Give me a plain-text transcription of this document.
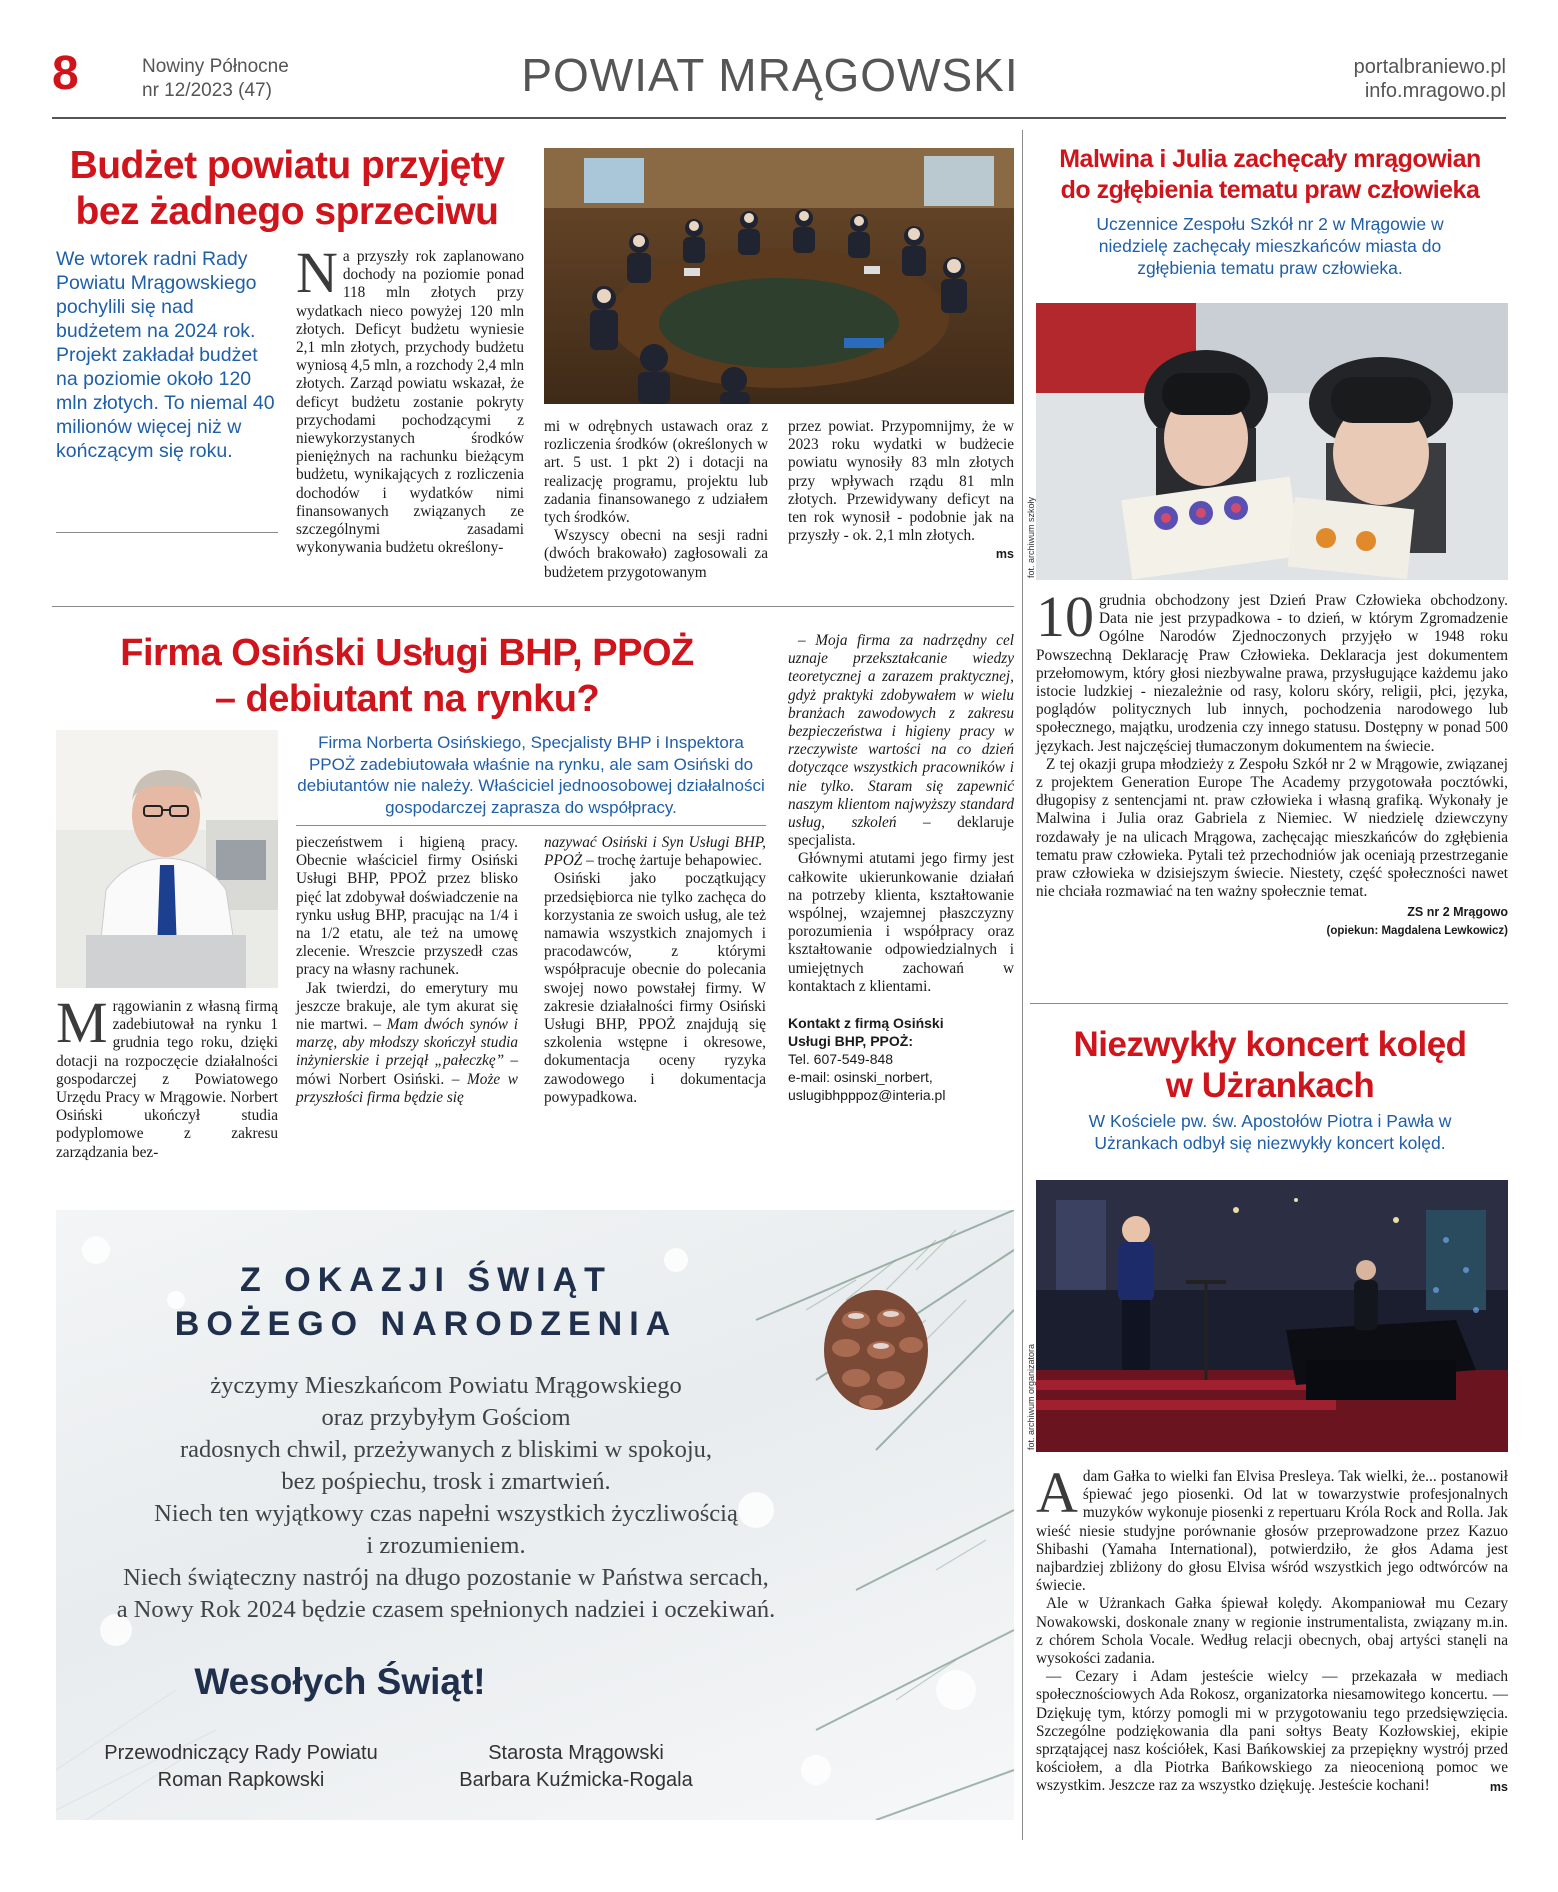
8	Nowiny Północne
nr 12/2023 (47)	POWIAT MRĄGOWSKI	portalbraniewo.pl
info.mragowo.pl
Budżet powiatu przyjęty
bez żadnego sprzeciwu
We wtorek radni Rady Powiatu Mrągowskiego pochylili się nad budżetem na 2024 rok. Projekt zakładał budżet na poziomie około 120 mln złotych. To niemal 40 milionów więcej niż w kończącym się roku.
Na przyszły rok zaplanowano dochody na poziomie ponad 118 mln złotych przy wydatkach nieco powyżej 120 mln złotych. Deficyt budżetu wyniesie 2,1 mln złotych, przychody budżetu wyniosą 4,5 mln, a rozchody 2,4 mln złotych. Zarząd powiatu wskazał, że deficyt budżetu zostanie pokryty przychodami pochodzącymi z niewykorzystanych środków pieniężnych na rachunku bieżącym budżetu, wynikających z rozliczenia dochodów i wydatków nimi finansowanych związanych ze szczególnymi zasadami wykonywania budżetu określony-

mi w odrębnych ustawach oraz z rozliczenia środków (określonych w art. 5 ust. 1 pkt 2) i dotacji na realizację programu, projektu lub zadania finansowanego z udziałem tych środków.

Wszyscy obecni na sesji radni (dwóch brakowało) zagłosowali za budżetem przygotowanym

przez powiat. Przypomnijmy, że w 2023 roku wydatki w budżecie powiatu wynosiły 83 mln złotych przy wpływach rządu 81 mln złotych. Przewidywany deficyt na ten rok wynosił - podobnie jak na przyszły - ok. 2,1 mln złotych.

ms
Malwina i Julia zachęcały mrągowian
do zgłębienia tematu praw człowieka
Uczennice Zespołu Szkół nr 2 w Mrągowie w niedzielę zachęcały mieszkańców miasta do zgłębienia tematu praw człowieka.
fot. archiwum szkoły

10 grudnia obchodzony jest Dzień Praw Człowieka obchodzony. Data nie jest przypadkowa - to dzień, w którym Zgromadzenie Ogólne Narodów Zjednoczonych przyjęło w 1948 roku Powszechną Deklarację Praw Człowieka. Deklaracja jest dokumentem przełomowym, który głosi niezbywalne prawa, przysługujące każdemu jako istocie ludzkiej - niezależnie od rasy, koloru skóry, religii, płci, języka, poglądów politycznych lub innych, pochodzenia narodowego lub społecznego, majątku, urodzenia czy innego statusu. Dostępny w ponad 500 językach. Jest najczęściej tłumaczonym dokumentem na świecie.

Z tej okazji grupa młodzieży z Zespołu Szkół nr 2 w Mrągowie, związanej z projektem Generation Europe The Academy przygotowała pocztówki, długopisy z sentencjami nt. praw człowieka i własną grafiką. Wykonały je Malwina i Julia oraz Gabriela z Niemiec. W niedzielę dziewczyny rozdawały je na ulicach Mrągowa, zachęcając mieszkańców do zgłębienia tematu praw człowieka. Pytali też przechodniów jak oceniają przestrzeganie praw człowieka w dzisiejszym świecie. Niestety, część społeczności nawet nie chciała rozmawiać na ten ważny społecznie temat.

ZS nr 2 Mrągowo
(opiekun: Magdalena Lewkowicz)
Firma Osiński Usługi BHP, PPOŻ
– debiutant na rynku?
Firma Norberta Osińskiego, Specjalisty BHP i Inspektora PPOŻ zadebiutowała właśnie na rynku, ale sam Osiński do debiutantów nie należy. Właściciel jednoosobowej działalności gospodarczej zaprasza do współpracy.
Mrągowianin z własną firmą zadebiutował na rynku 1 grudnia tego roku, dzięki dotacji na rozpoczęcie działalności gospodarczej z Powiatowego Urzędu Pracy w Mrągowie. Norbert Osiński ukończył studia podyplomowe z zakresu zarządzania bez-

pieczeństwem i higieną pracy. Obecnie właściciel firmy Osiński Usługi BHP, PPOŻ przez blisko pięć lat zdobywał doświadczenie na rynku usług BHP, pracując na 1/4 i na 1/2 etatu, ale też na umowę zlecenie. Wreszcie przyszedł czas pracy na własny rachunek.

Jak twierdzi, do emerytury mu jeszcze brakuje, ale tym akurat się nie martwi. – Mam dwóch synów i marzę, aby młodszy skończył studia inżynierskie i przejął „pałeczkę” – mówi Norbert Osiński. – Może w przyszłości firma będzie się

nazywać Osiński i Syn Usługi BHP, PPOŻ – trochę żartuje behapowiec.

Osiński jako początkujący przedsiębiorca nie tylko zachęca do korzystania ze swoich usług, ale też namawia wszystkich znajomych i pracodawców, z którymi współpracuje obecnie do polecania swojej nowo powstałej firmy. W zakresie działalności firmy Osiński Usługi BHP, PPOŻ znajdują się szkolenia wstępne i okresowe, dokumentacja oceny ryzyka zawodowego i dokumentacja powypadkowa.

– Moja firma za nadrzędny cel uznaje przekształcanie wiedzy teoretycznej a zarazem praktycznej, gdyż praktyki zdobywałem w wielu branżach zawodowych z zakresu bezpieczeństwa i higieny pracy w rzeczywiste wartości na co dzień dotyczące wszystkich pracowników i nie tylko. Staram się zapewnić naszym klientom najwyższy standard usług, szkoleń – deklaruje specjalista.

Głównymi atutami jego firmy jest całkowite ukierunkowanie działań na potrzeby klienta, kształtowanie wspólnej, wzajemnej płaszczyzny porozumienia i współpracy oraz kształtowanie odpowiedzialnych i umiejętnych zachowań w kontaktach z klientami.

Kontakt z firmą Osiński
Usługi BHP, PPOŻ:
Tel. 607-549-848
e-mail: osinski_norbert,
uslugibhpppoz@interia.pl
Z OKAZJI ŚWIĄT
BOŻEGO NARODZENIA
życzymy Mieszkańcom Powiatu Mrągowskiego
oraz przybyłym Gościom
radosnych chwil, przeżywanych z bliskimi w spokoju,
bez pośpiechu, trosk i zmartwień.
Niech ten wyjątkowy czas napełni wszystkich życzliwością
i zrozumieniem.
Niech świąteczny nastrój na długo pozostanie w Państwa sercach,
a Nowy Rok 2024 będzie czasem spełnionych nadziei i oczekiwań.
Wesołych Świąt!
Przewodniczący Rady Powiatu
Roman Rapkowski
Starosta Mrągowski
Barbara Kuźmicka-Rogala
Niezwykły koncert kolęd
w Użrankach
W Kościele pw. św. Apostołów Piotra i Pawła w Użrankach odbył się niezwykły koncert kolęd.
fot. archiwum organizatora

Adam Gałka to wielki fan Elvisa Presleya. Tak wielki, że... postanowił śpiewać jego piosenki. Od lat w towarzystwie profesjonalnych muzyków wykonuje piosenki z repertuaru Króla Rock and Rolla. Jak wieść niesie studyjne porównanie głosów przeprowadzone przez Kazuo Shibashi (Yamaha International), potwierdziło, że głos Adama jest najbardziej zbliżony do głosu Elvisa wśród wszystkich jego odtwórców na świecie.

Ale w Użrankach Gałka śpiewał kolędy. Akompaniował mu Cezary Nowakowski, doskonale znany w regionie instrumentalista, związany m.in. z chórem Schola Vocale. Według relacji obecnych, obaj artyści stanęli na wysokości zadania.

— Cezary i Adam jesteście wielcy — przekazała w mediach społecznościowych Ada Rokosz, organizatorka niesamowitego koncertu. — Dziękuję tym, którzy pomogli mi w przygotowaniu tego przedsięwzięcia. Szczególne podziękowania dla pani sołtys Beaty Kozłowskiej, ekipie sprzątającej nasz kościółek, Kasi Bańkowskiej za przepiękny wystrój przed kościołem, a dla Piotrka Bańkowskiego za nieocenioną pomoc we wszystkim. Jeszcze raz za wszystko dziękuję. Jesteście kochani!	ms
